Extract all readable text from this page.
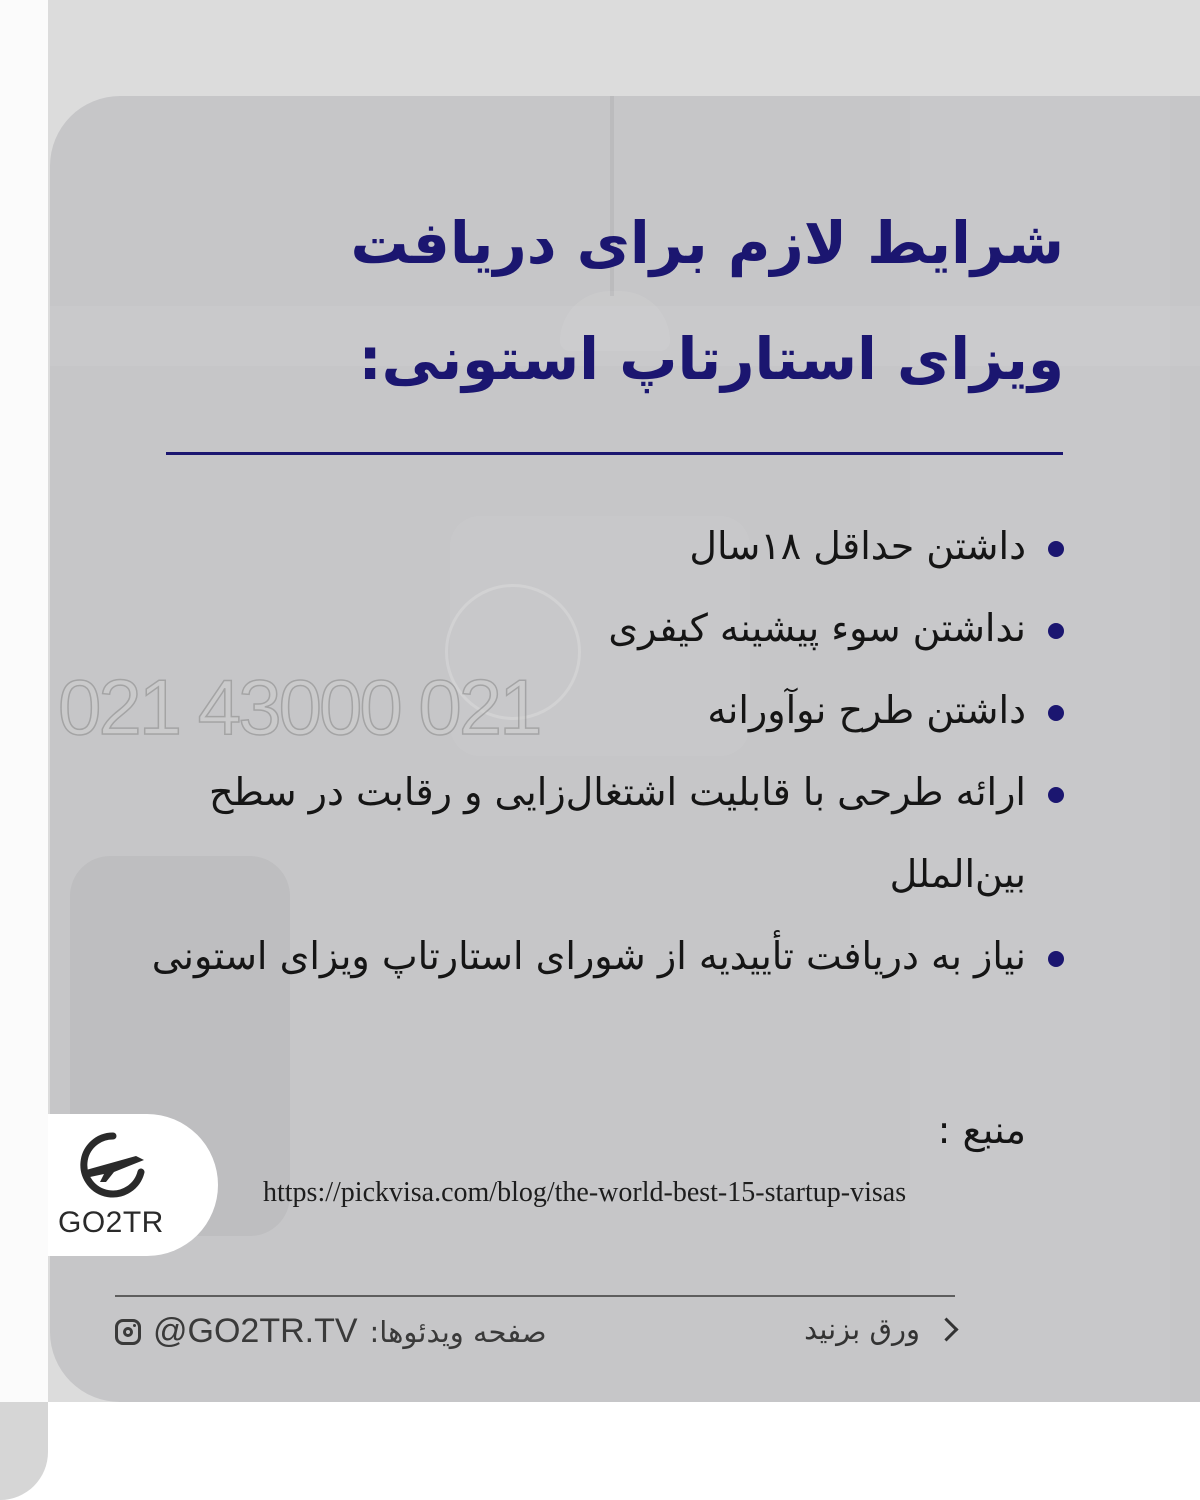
شرایط لازم برای دریافت
ویزای استارتاپ استونی:
داشتن حداقل ۱۸سال
نداشتن سوء پیشینه کیفری
داشتن طرح نوآورانه
ارائه طرحی با قابلیت اشتغال‌زایی و رقابت در سطح بین‌الملل
نیاز به دریافت تأییدیه از شورای استارتاپ ویزای استونی
021 43000 021
منبع :
https://pickvisa.com/blog/the-world-best-15-startup-visas
GO2TR
@GO2TR.TV صفحه ویدئوها:	ورق بزنید
